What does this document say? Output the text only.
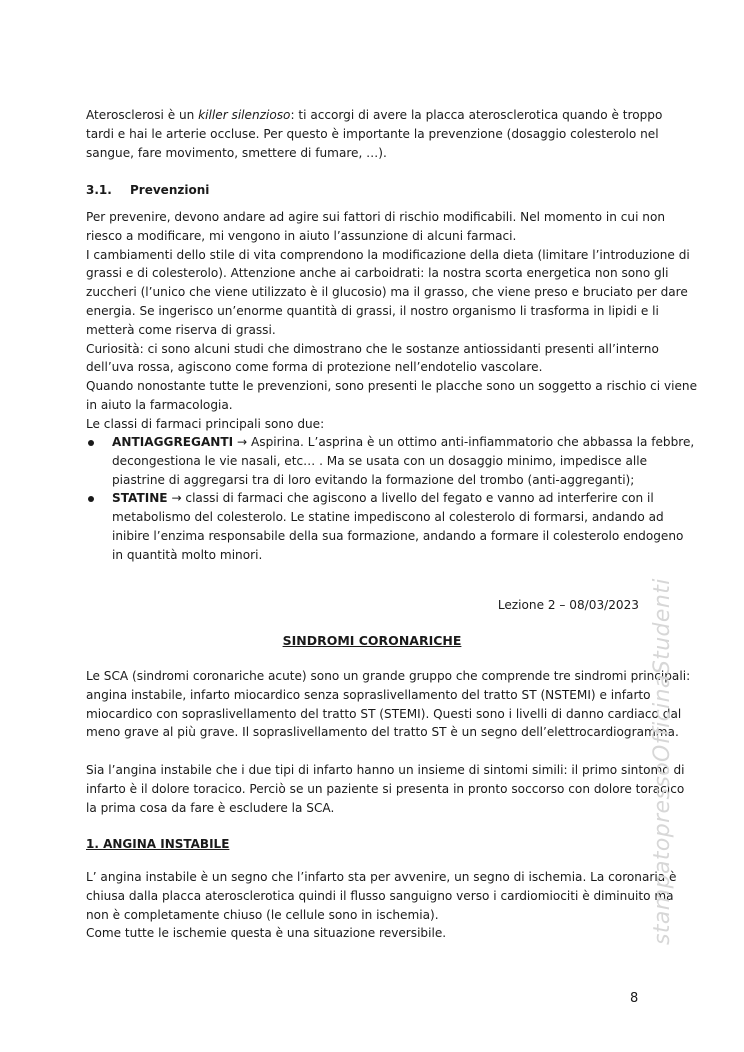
Aterosclerosi è un killer silenzioso: ti accorgi di avere la placca aterosclerotica quando è troppo
tardi e hai le arterie occluse. Per questo è importante la prevenzione (dosaggio colesterolo nel
sangue, fare movimento, smettere di fumare, …).

3.1. Prevenzioni

Per prevenire, devono andare ad agire sui fattori di rischio modificabili. Nel momento in cui non
riesco a modificare, mi vengono in aiuto l’assunzione di alcuni farmaci.
I cambiamenti dello stile di vita comprendono la modificazione della dieta (limitare l’introduzione di
grassi e di colesterolo). Attenzione anche ai carboidrati: la nostra scorta energetica non sono gli
zuccheri (l’unico che viene utilizzato è il glucosio) ma il grasso, che viene preso e bruciato per dare
energia. Se ingerisco un’enorme quantità di grassi, il nostro organismo li trasforma in lipidi e li
metterà come riserva di grassi.
Curiosità: ci sono alcuni studi che dimostrano che le sostanze antiossidanti presenti all’interno
dell’uva rossa, agiscono come forma di protezione nell’endotelio vascolare.
Quando nonostante tutte le prevenzioni, sono presenti le placche sono un soggetto a rischio ci viene
in aiuto la farmacologia.
Le classi di farmaci principali sono due:

ANTIAGGREGANTI → Aspirina. L’asprina è un ottimo anti-infiammatorio che abbassa la febbre,
decongestiona le vie nasali, etc… . Ma se usata con un dosaggio minimo, impedisce alle
piastrine di aggregarsi tra di loro evitando la formazione del trombo (anti-aggreganti);
STATINE → classi di farmaci che agiscono a livello del fegato e vanno ad interferire con il
metabolismo del colesterolo. Le statine impediscono al colesterolo di formarsi, andando ad
inibire l’enzima responsabile della sua formazione, andando a formare il colesterolo endogeno
in quantità molto minori.
Lezione 2 – 08/03/2023
SINDROMI CORONARICHE

Le SCA (sindromi coronariche acute) sono un grande gruppo che comprende tre sindromi principali:
angina instabile, infarto miocardico senza sopraslivellamento del tratto ST (NSTEMI) e infarto
miocardico con sopraslivellamento del tratto ST (STEMI). Questi sono i livelli di danno cardiaco dal
meno grave al più grave. Il sopraslivellamento del tratto ST è un segno dell’elettrocardiogramma.

Sia l’angina instabile che i due tipi di infarto hanno un insieme di sintomi simili: il primo sintomo di
infarto è il dolore toracico. Perciò se un paziente si presenta in pronto soccorso con dolore toracico
la prima cosa da fare è escludere la SCA.

1. ANGINA INSTABILE

L’ angina instabile è un segno che l’infarto sta per avvenire, un segno di ischemia. La coronaria è
chiusa dalla placca aterosclerotica quindi il flusso sanguigno verso i cardiomiociti è diminuito ma
non è completamente chiuso (le cellule sono in ischemia).
Come tutte le ischemie questa è una situazione reversibile.

8
stampatopressoOfficinaStudenti
